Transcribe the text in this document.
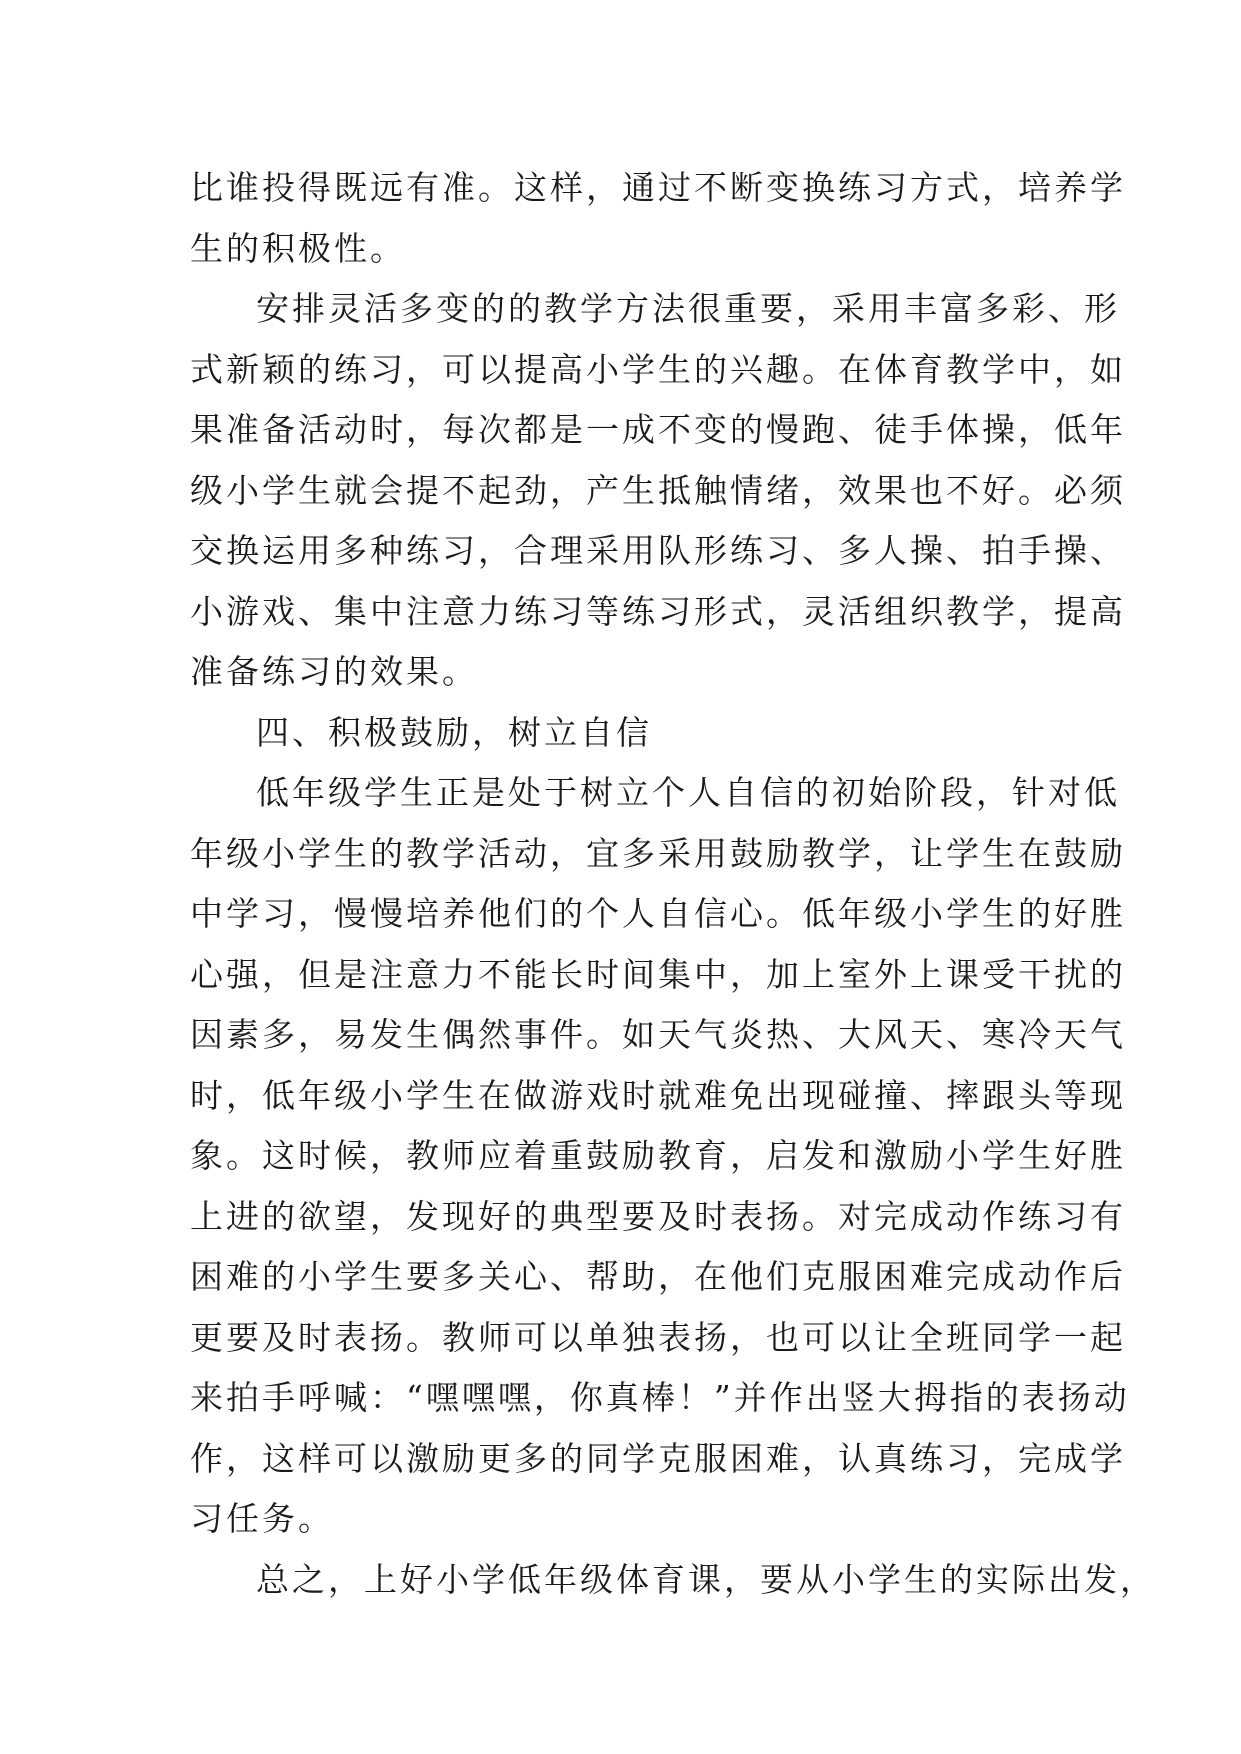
比谁投得既远有准。这样，通过不断变换练习方式，培养学
生的积极性。
安排灵活多变的的教学方法很重要，采用丰富多彩、形
式新颖的练习，可以提高小学生的兴趣。在体育教学中，如
果准备活动时，每次都是一成不变的慢跑、徒手体操，低年
级小学生就会提不起劲，产生抵触情绪，效果也不好。必须
交换运用多种练习，合理采用队形练习、多人操、拍手操、
小游戏、集中注意力练习等练习形式，灵活组织教学，提高
准备练习的效果。
四、积极鼓励，树立自信
低年级学生正是处于树立个人自信的初始阶段，针对低
年级小学生的教学活动，宜多采用鼓励教学，让学生在鼓励
中学习，慢慢培养他们的个人自信心。低年级小学生的好胜
心强，但是注意力不能长时间集中，加上室外上课受干扰的
因素多，易发生偶然事件。如天气炎热、大风天、寒冷天气
时，低年级小学生在做游戏时就难免出现碰撞、摔跟头等现
象。这时候，教师应着重鼓励教育，启发和激励小学生好胜
上进的欲望，发现好的典型要及时表扬。对完成动作练习有
困难的小学生要多关心、帮助，在他们克服困难完成动作后
更要及时表扬。教师可以单独表扬，也可以让全班同学一起
来拍手呼喊：“嘿嘿嘿，你真棒！”并作出竖大拇指的表扬动
作，这样可以激励更多的同学克服困难，认真练习，完成学
习任务。
总之，上好小学低年级体育课，要从小学生的实际出发，
